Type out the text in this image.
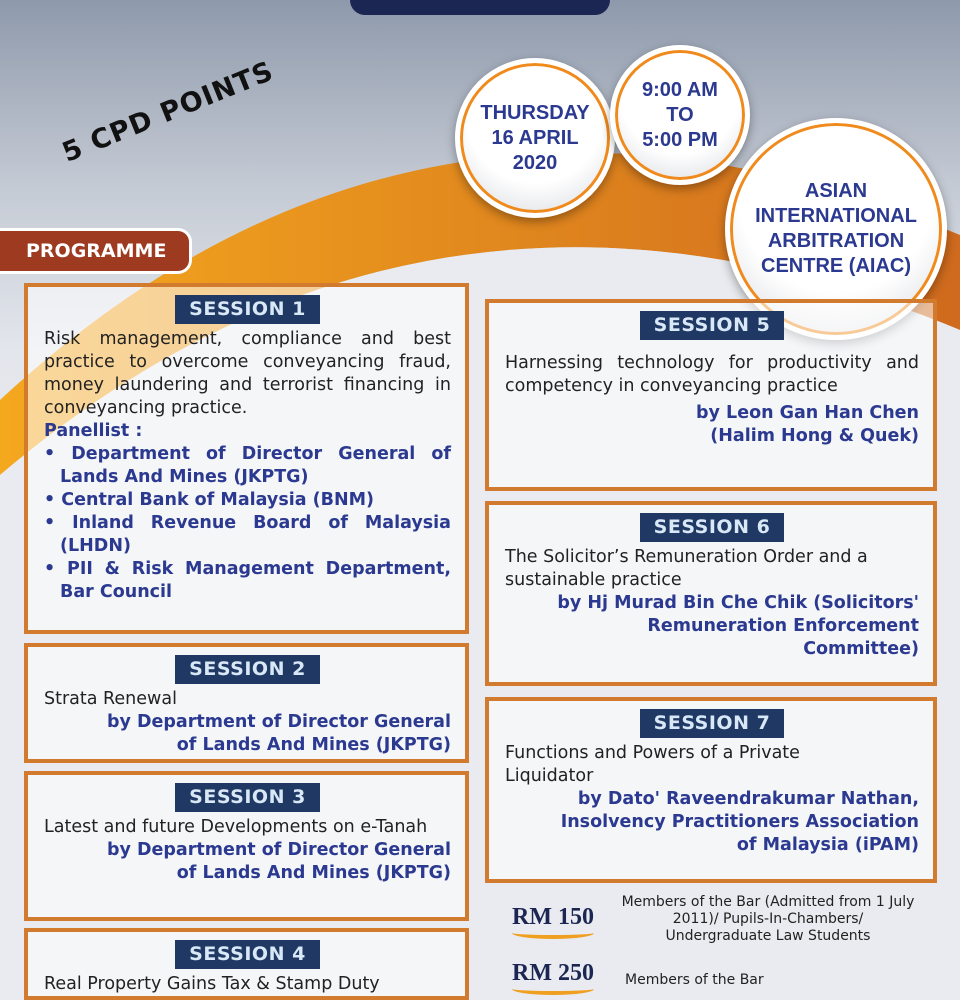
5 CPD POINTS	THURSDAY
16 APRIL
2020
9:00 AM
TO
5:00 PM
ASIAN
INTERNATIONAL
ARBITRATION
CENTRE (AIAC)
PROGRAMME
SESSION 1
Risk management, compliance and best practice to overcome conveyancing fraud, money laundering and terrorist financing in conveyancing practice.
Panellist :
• Department of Director General of Lands And Mines (JKPTG)
• Central Bank of Malaysia (BNM)
• Inland Revenue Board of Malaysia (LHDN)
• PII & Risk Management Department, Bar Council
SESSION 2
Strata Renewal
by Department of Director General of Lands And Mines (JKPTG)
SESSION 3
Latest and future Developments on e-Tanah
by Department of Director General of Lands And Mines (JKPTG)
SESSION 4
Real Property Gains Tax & Stamp Duty
SESSION 5
Harnessing technology for productivity and competency in conveyancing practice
by Leon Gan Han Chen (Halim Hong & Quek)
SESSION 6
The Solicitor’s Remuneration Order and a sustainable practice
by Hj Murad Bin Che Chik (Solicitors' Remuneration Enforcement Committee)
SESSION 7
Functions and Powers of a Private Liquidator
by Dato' Raveendrakumar Nathan, Insolvency Practitioners Association of Malaysia (iPAM)
RM 150
Members of the Bar (Admitted from 1 July 2011)/ Pupils-In-Chambers/ Undergraduate Law Students
RM 250 Members of the Bar
